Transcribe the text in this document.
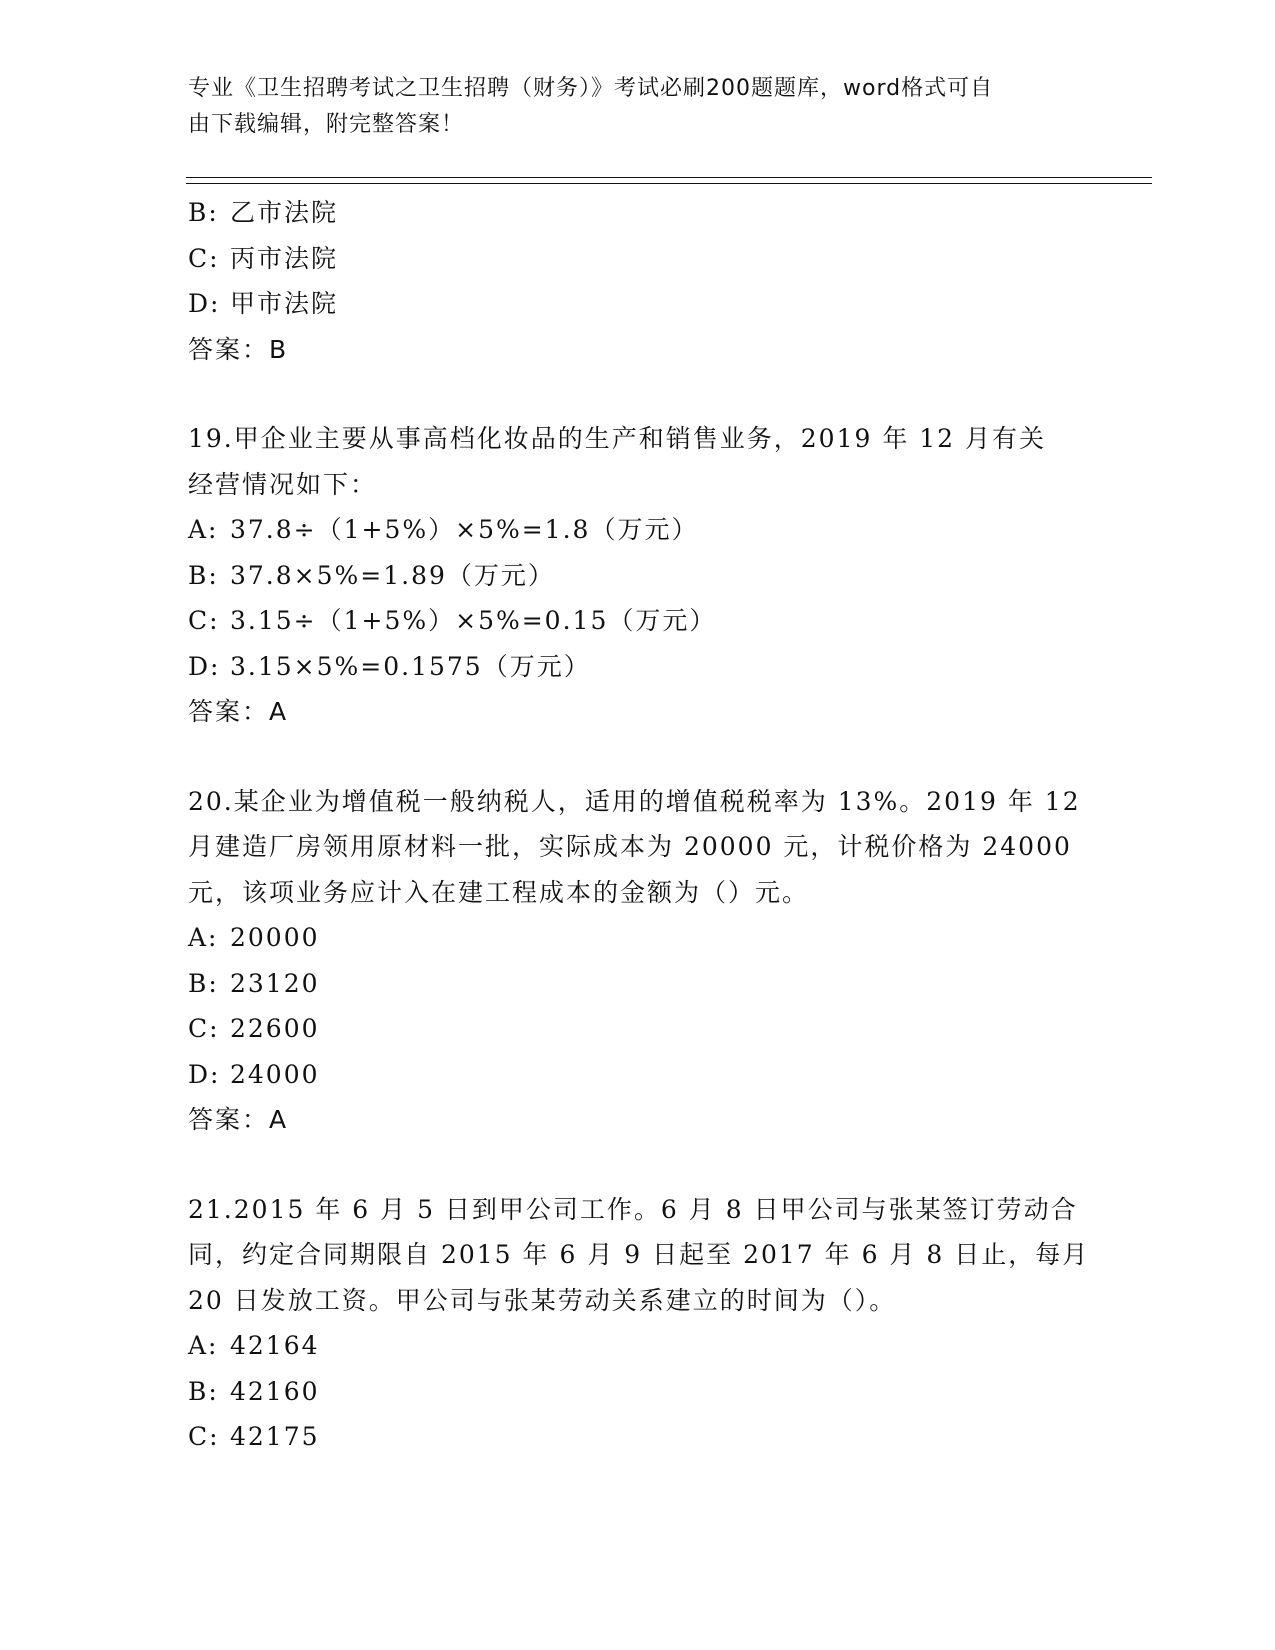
专业《卫生招聘考试之卫生招聘（财务）》考试必刷200题题库，word格式可自
由下载编辑，附完整答案！
B: 乙市法院
C: 丙市法院
D: 甲市法院
答案：B
19.甲企业主要从事高档化妆品的生产和销售业务，2019 年 12 月有关
经营情况如下：
A: 37.8÷（1+5%）×5%=1.8（万元）
B: 37.8×5%=1.89（万元）
C: 3.15÷（1+5%）×5%=0.15（万元）
D: 3.15×5%=0.1575（万元）
答案：A
20.某企业为增值税一般纳税人，适用的增值税税率为 13%。2019 年 12
月建造厂房领用原材料一批，实际成本为 20000 元，计税价格为 24000
元，该项业务应计入在建工程成本的金额为（）元。
A: 20000
B: 23120
C: 22600
D: 24000
答案：A
21.2015 年 6 月 5 日到甲公司工作。6 月 8 日甲公司与张某签订劳动合
同，约定合同期限自 2015 年 6 月 9 日起至 2017 年 6 月 8 日止，每月
20 日发放工资。甲公司与张某劳动关系建立的时间为（）。
A: 42164
B: 42160
C: 42175
